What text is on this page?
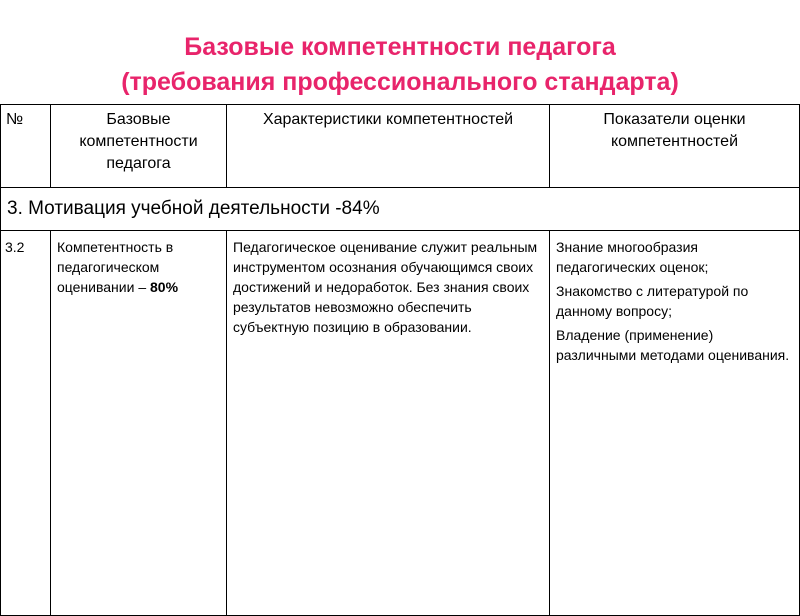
Базовые компетентности педагога
(требования профессионального стандарта)
№	Базовые компетентности педагога	Характеристики компетентностей	Показатели оценки компетентностей
3. Мотивация учебной деятельности -84%			
3.2	Компетентность в педагогическом оценивании – 80%	Педагогическое оценивание служит реальным инструментом осознания обучающимся своих достижений и недоработок. Без знания своих результатов невозможно обеспечить субъектную позицию в образовании.	Знание многообразия педагогических оценок;
Знакомство с литературой по данному вопросу;
Владение (применение) различными методами оценивания.
